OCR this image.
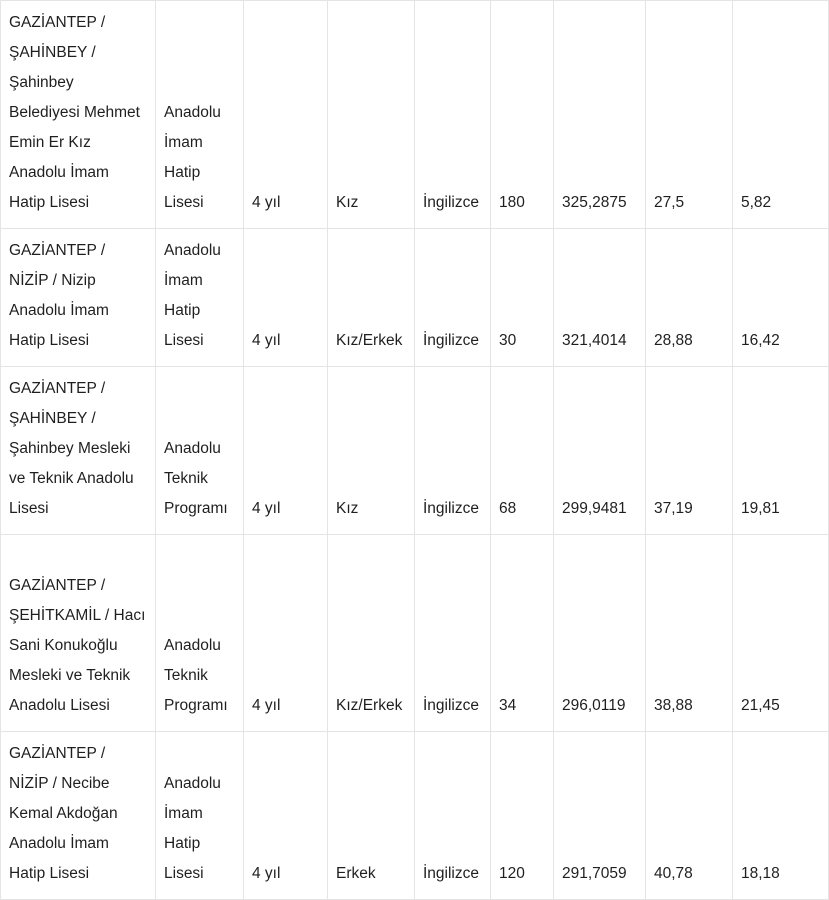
GAZİANTEP / ŞAHİNBEY / Şahinbey Belediyesi Mehmet Emin Er Kız Anadolu İmam Hatip Lisesi	Anadolu İmam Hatip Lisesi	4 yıl	Kız	İngilizce	180	325,2875	27,5	5,82
GAZİANTEP / NİZİP / Nizip Anadolu İmam Hatip Lisesi	Anadolu İmam Hatip Lisesi	4 yıl	Kız/Erkek	İngilizce	30	321,4014	28,88	16,42
GAZİANTEP / ŞAHİNBEY / Şahinbey Mesleki ve Teknik Anadolu Lisesi	Anadolu Teknik Programı	4 yıl	Kız	İngilizce	68	299,9481	37,19	19,81
GAZİANTEP / ŞEHİTKAMİL / Hacı Sani Konukoğlu Mesleki ve Teknik Anadolu Lisesi	Anadolu Teknik Programı	4 yıl	Kız/Erkek	İngilizce	34	296,0119	38,88	21,45
GAZİANTEP / NİZİP / Necibe Kemal Akdoğan Anadolu İmam Hatip Lisesi	Anadolu İmam Hatip Lisesi	4 yıl	Erkek	İngilizce	120	291,7059	40,78	18,18
